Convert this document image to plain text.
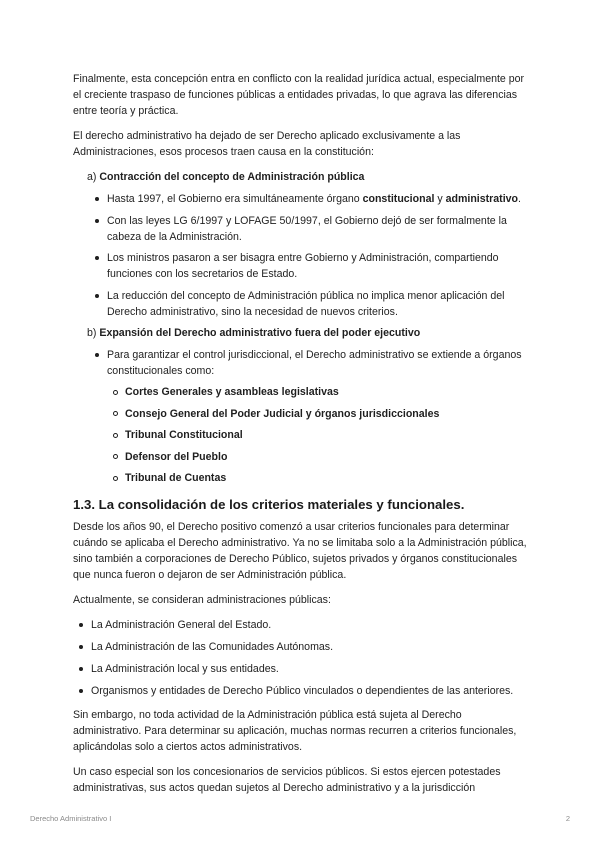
Finalmente, esta concepción entra en conflicto con la realidad jurídica actual, especialmente por el creciente traspaso de funciones públicas a entidades privadas, lo que agrava las diferencias entre teoría y práctica.

El derecho administrativo ha dejado de ser Derecho aplicado exclusivamente a las Administraciones, esos procesos traen causa en la constitución:

a) Contracción del concepto de Administración pública
Hasta 1997, el Gobierno era simultáneamente órgano constitucional y administrativo.
Con las leyes LG 6/1997 y LOFAGE 50/1997, el Gobierno dejó de ser formalmente la cabeza de la Administración.
Los ministros pasaron a ser bisagra entre Gobierno y Administración, compartiendo funciones con los secretarios de Estado.
La reducción del concepto de Administración pública no implica menor aplicación del Derecho administrativo, sino la necesidad de nuevos criterios.
b) Expansión del Derecho administrativo fuera del poder ejecutivo
Para garantizar el control jurisdiccional, el Derecho administrativo se extiende a órganos constitucionales como:
Cortes Generales y asambleas legislativas
Consejo General del Poder Judicial y órganos jurisdiccionales
Tribunal Constitucional
Defensor del Pueblo
Tribunal de Cuentas
1.3. La consolidación de los criterios materiales y funcionales.

Desde los años 90, el Derecho positivo comenzó a usar criterios funcionales para determinar cuándo se aplicaba el Derecho administrativo. Ya no se limitaba solo a la Administración pública, sino también a corporaciones de Derecho Público, sujetos privados y órganos constitucionales que nunca fueron o dejaron de ser Administración pública.

Actualmente, se consideran administraciones públicas:

La Administración General del Estado.
La Administración de las Comunidades Autónomas.
La Administración local y sus entidades.
Organismos y entidades de Derecho Público vinculados o dependientes de las anteriores.

Sin embargo, no toda actividad de la Administración pública está sujeta al Derecho administrativo. Para determinar su aplicación, muchas normas recurren a criterios funcionales, aplicándolas solo a ciertos actos administrativos.

Un caso especial son los concesionarios de servicios públicos. Si estos ejercen potestades administrativas, sus actos quedan sujetos al Derecho administrativo y a la jurisdicción

Derecho Administrativo I	2
